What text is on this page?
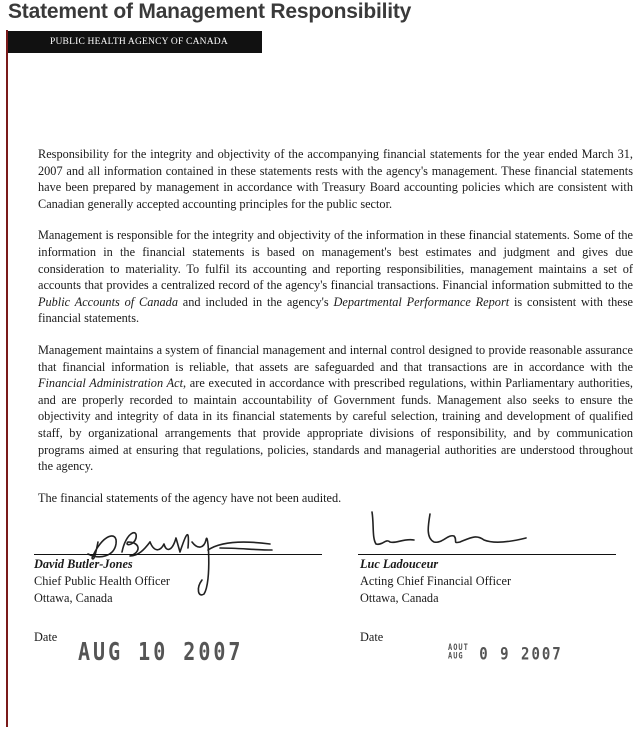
Statement of Management Responsibility
PUBLIC HEALTH AGENCY OF CANADA

Responsibility for the integrity and objectivity of the accompanying financial statements for the year ended March 31, 2007 and all information contained in these statements rests with the agency's management. These financial statements have been prepared by management in accordance with Treasury Board accounting policies which are consistent with Canadian generally accepted accounting principles for the public sector.

Management is responsible for the integrity and objectivity of the information in these financial statements. Some of the information in the financial statements is based on management's best estimates and judgment and gives due consideration to materiality. To fulfil its accounting and reporting responsibilities, management maintains a set of accounts that provides a centralized record of the agency's financial transactions. Financial information submitted to the Public Accounts of Canada and included in the agency's Departmental Performance Report is consistent with these financial statements.

Management maintains a system of financial management and internal control designed to provide reasonable assurance that financial information is reliable, that assets are safeguarded and that transactions are in accordance with the Financial Administration Act, are executed in accordance with prescribed regulations, within Parliamentary authorities, and are properly recorded to maintain accountability of Government funds. Management also seeks to ensure the objectivity and integrity of data in its financial statements by careful selection, training and development of qualified staff, by organizational arrangements that provide appropriate divisions of responsibility, and by communication programs aimed at ensuring that regulations, policies, standards and managerial authorities are understood throughout the agency.

The financial statements of the agency have not been audited.

David Butler-Jones
Chief Public Health Officer
Ottawa, Canada
Date AUG 10 2007
Luc Ladouceur
Acting Chief Financial Officer
Ottawa, Canada
Date
AOUT
AUG 0 9 2007
